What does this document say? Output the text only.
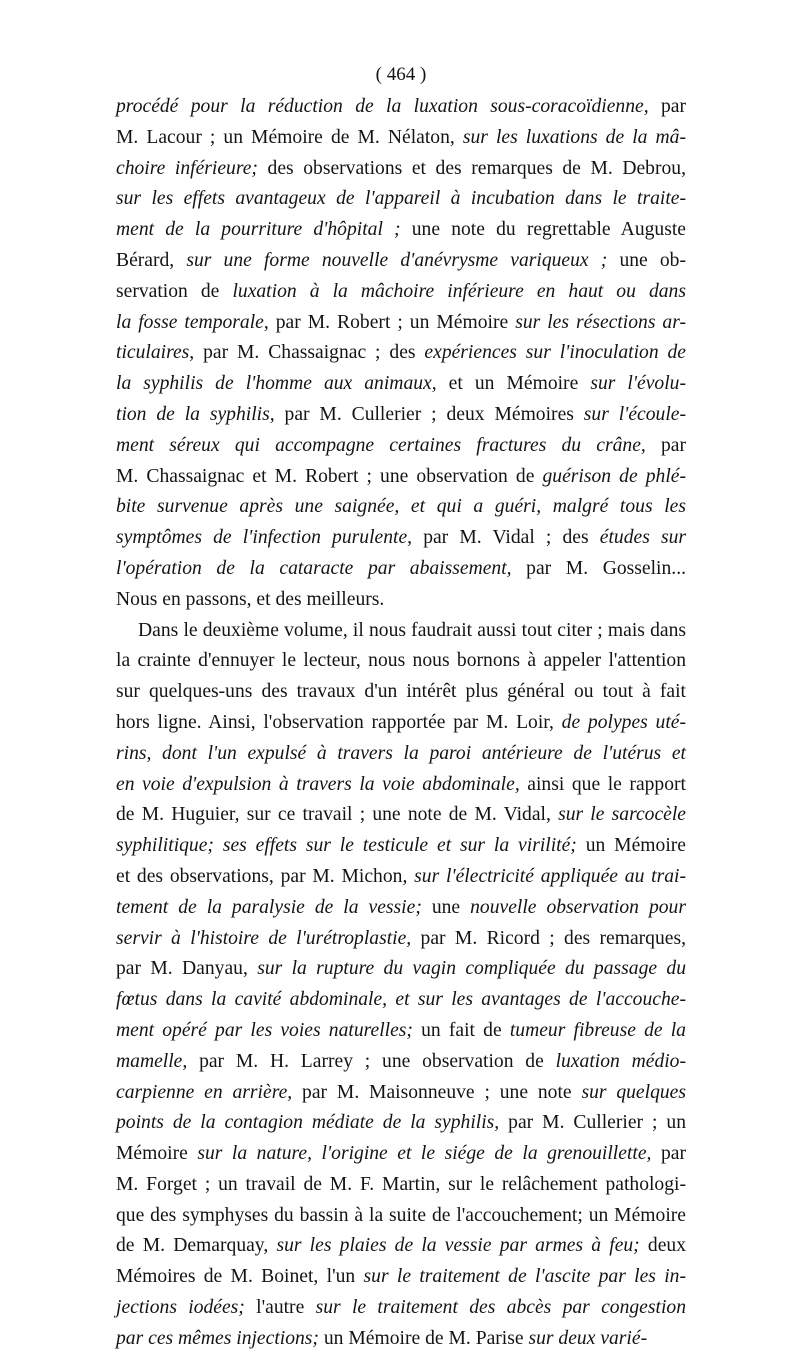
( 464 )

procédé pour la réduction de la luxation sous-coracoïdienne, par
M. Lacour ; un Mémoire de M. Nélaton, sur les luxations de la mâ-
choire inférieure; des observations et des remarques de M. Debrou,
sur les effets avantageux de l'appareil à incubation dans le traite-
ment de la pourriture d'hôpital ; une note du regrettable Auguste
Bérard, sur une forme nouvelle d'anévrysme variqueux ; une ob-
servation de luxation à la mâchoire inférieure en haut ou dans
la fosse temporale, par M. Robert ; un Mémoire sur les résections ar-
ticulaires, par M. Chassaignac ; des expériences sur l'inoculation de
la syphilis de l'homme aux animaux, et un Mémoire sur l'évolu-
tion de la syphilis, par M. Cullerier ; deux Mémoires sur l'écoule-
ment séreux qui accompagne certaines fractures du crâne, par
M. Chassaignac et M. Robert ; une observation de guérison de phlé-
bite survenue après une saignée, et qui a guéri, malgré tous les
symptômes de l'infection purulente, par M. Vidal ; des études sur
l'opération de la cataracte par abaissement, par M. Gosselin...
Nous en passons, et des meilleurs.

Dans le deuxième volume, il nous faudrait aussi tout citer ; mais dans
la crainte d'ennuyer le lecteur, nous nous bornons à appeler l'attention
sur quelques-uns des travaux d'un intérêt plus général ou tout à fait
hors ligne. Ainsi, l'observation rapportée par M. Loir, de polypes uté-
rins, dont l'un expulsé à travers la paroi antérieure de l'utérus et
en voie d'expulsion à travers la voie abdominale, ainsi que le rapport
de M. Huguier, sur ce travail ; une note de M. Vidal, sur le sarcocèle
syphilitique; ses effets sur le testicule et sur la virilité; un Mémoire
et des observations, par M. Michon, sur l'électricité appliquée au trai-
tement de la paralysie de la vessie; une nouvelle observation pour
servir à l'histoire de l'urétroplastie, par M. Ricord ; des remarques,
par M. Danyau, sur la rupture du vagin compliquée du passage du
fœtus dans la cavité abdominale, et sur les avantages de l'accouche-
ment opéré par les voies naturelles; un fait de tumeur fibreuse de la
mamelle, par M. H. Larrey ; une observation de luxation médio-
carpienne en arrière, par M. Maisonneuve ; une note sur quelques
points de la contagion médiate de la syphilis, par M. Cullerier ; un
Mémoire sur la nature, l'origine et le siége de la grenouillette, par
M. Forget ; un travail de M. F. Martin, sur le relâchement pathologi-
que des symphyses du bassin à la suite de l'accouchement; un Mémoire
de M. Demarquay, sur les plaies de la vessie par armes à feu; deux
Mémoires de M. Boinet, l'un sur le traitement de l'ascite par les in-
jections iodées; l'autre sur le traitement des abcès par congestion
par ces mêmes injections; un Mémoire de M. Parise sur deux varié-
